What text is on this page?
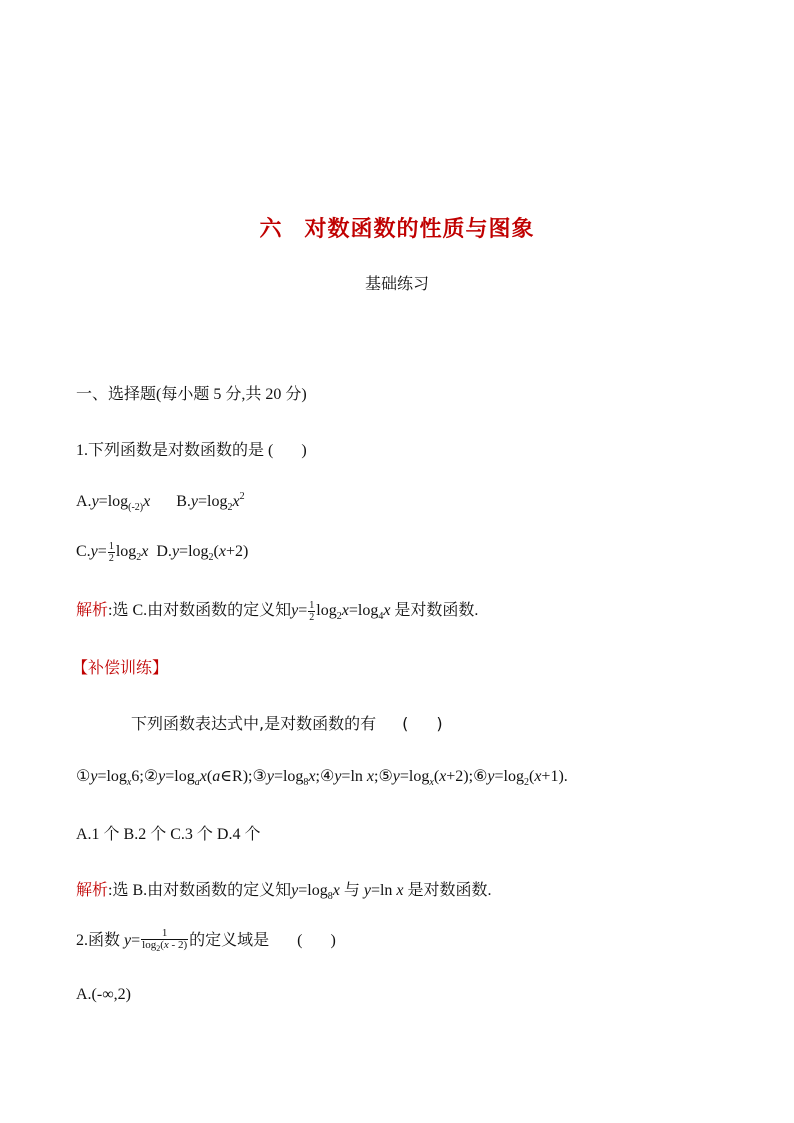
六 对数函数的性质与图象
基础练习
一、选择题(每小题 5 分,共 20 分)
1.下列函数是对数函数的是 ( )
$A.y=\log_{(-2)}x$ $B.y=\log_2x^2$
$C.y= \frac{1}{2} \log_2x$ $D.y=\log_2(x+2)$
解析:选 C.由对数函数的定义知$y= \frac{1}{2} \log_2x=\log_4x$ 是对数函数.
【补偿训练】
下列函数表达式中,是对数函数的有 ( )
$①y=\log_x6;②y=\log_ax(a\in R);③y=\log_8x;④y=\ln$ $x;⑤y=\log_x(x+2);⑥y=\log_2(x+1)$.
A.1 个 B.2 个 C.3 个 D.4 个
解析:选 B.由对数函数的定义知$y=\log_8x$ 与 y=ln x 是对数函数.
2.函数 $y= \frac{1}{\log_2(x - 2)}$ 的定义域是 ( )
A.(-∞,2)
